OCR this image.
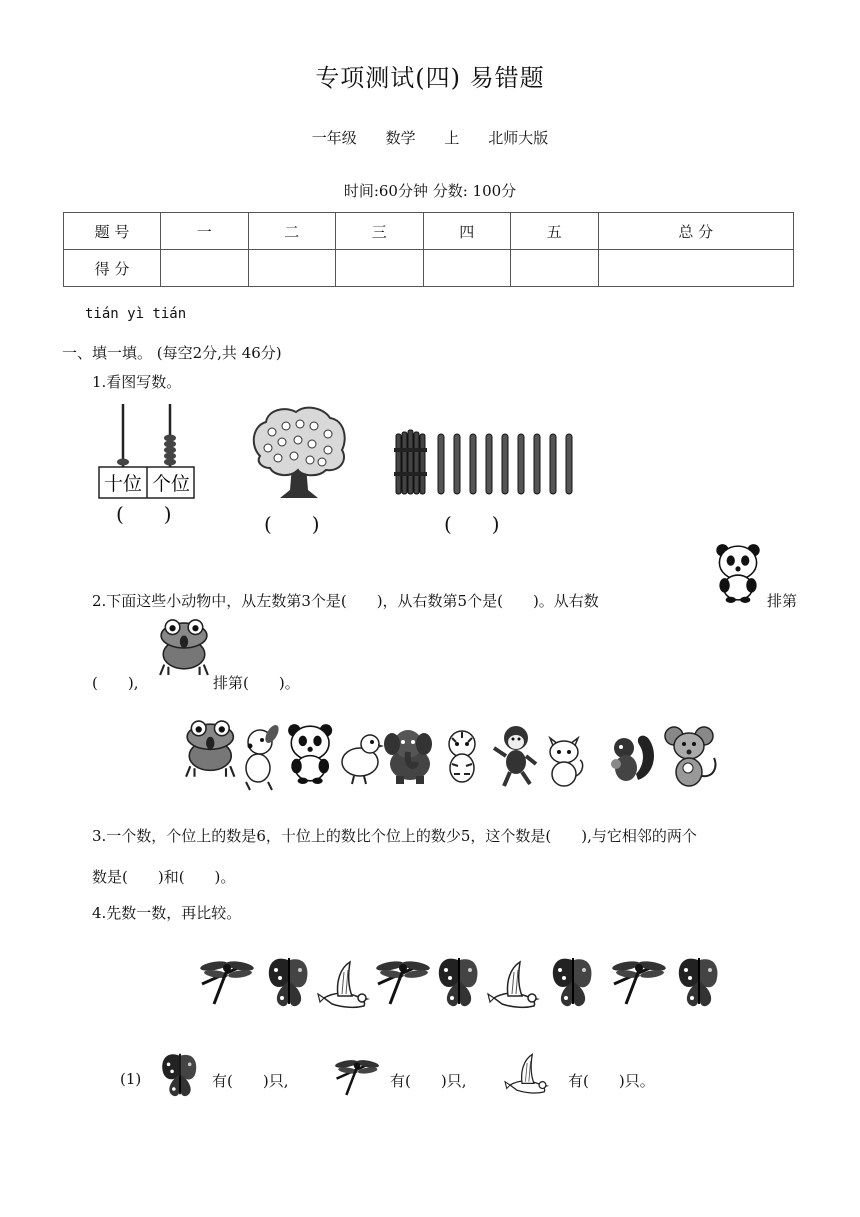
专项测试(四) 易错题
一年级 数学 上 北师大版
时间:60分钟 分数: 100分
题 号	一	二	三	四	五	总 分
得 分						
tián yì tián
一、填一填。 (每空2分,共 46分)
1.看图写数。
十位 个位
(　　)	(　　)	(　　)
2.下面这些小动物中，从左数第3个是(　　)，从右数第5个是(　　)。从右数	排第
(　　),	排第(　　)。
3.一个数，个位上的数是6，十位上的数比个位上的数少5，这个数是(　　),与它相邻的两个
数是(　　)和(　　)。
4.先数一数，再比较。
(1)	有(　　)只,	有(　　)只,	有(　　)只。
